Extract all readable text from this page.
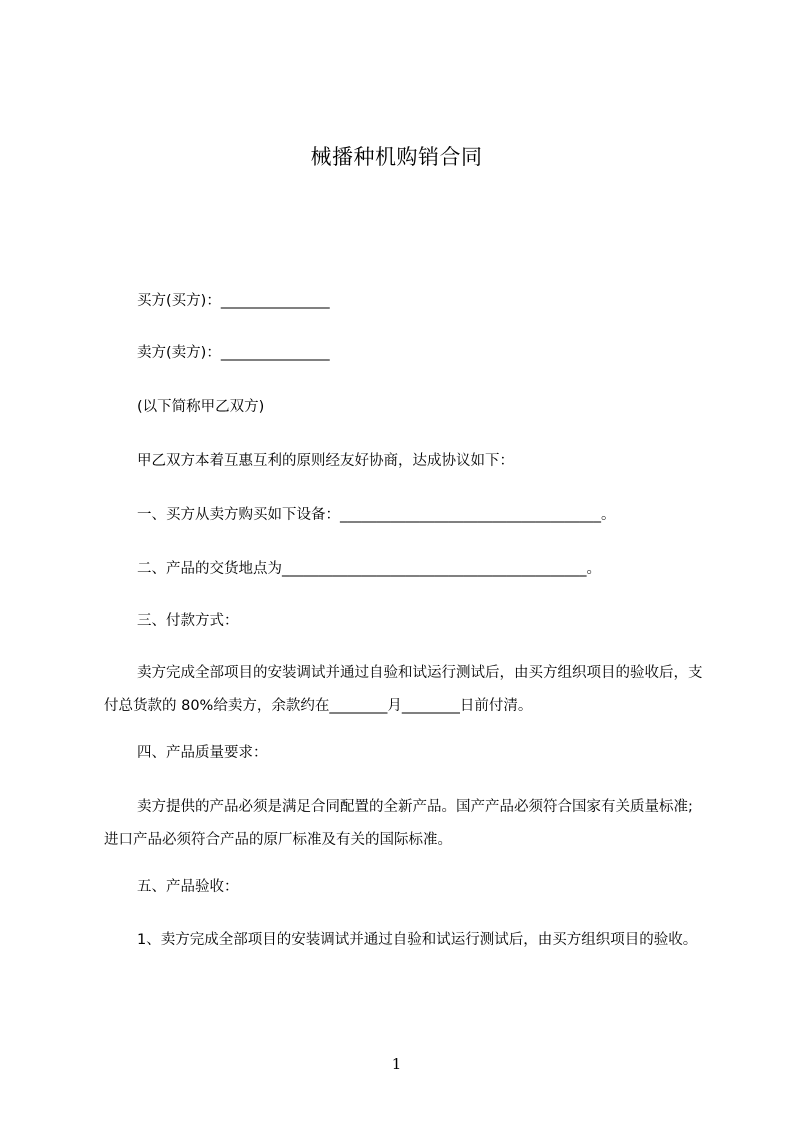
械播种机购销合同
买方(买方)：_______________
卖方(卖方)：_______________
(以下简称甲乙双方)
甲乙双方本着互惠互利的原则经友好协商，达成协议如下：
一、买方从卖方购买如下设备：____________________________________。
二、产品的交货地点为__________________________________________。
三、付款方式：
卖方完成全部项目的安装调试并通过自验和试运行测试后，由买方组织项目的验收后，支付总货款的 80%给卖方，余款约在________月________日前付清。
四、产品质量要求：
卖方提供的产品必须是满足合同配置的全新产品。国产产品必须符合国家有关质量标准;进口产品必须符合产品的原厂标准及有关的国际标准。
五、产品验收：
1、卖方完成全部项目的安装调试并通过自验和试运行测试后，由买方组织项目的验收。
1
